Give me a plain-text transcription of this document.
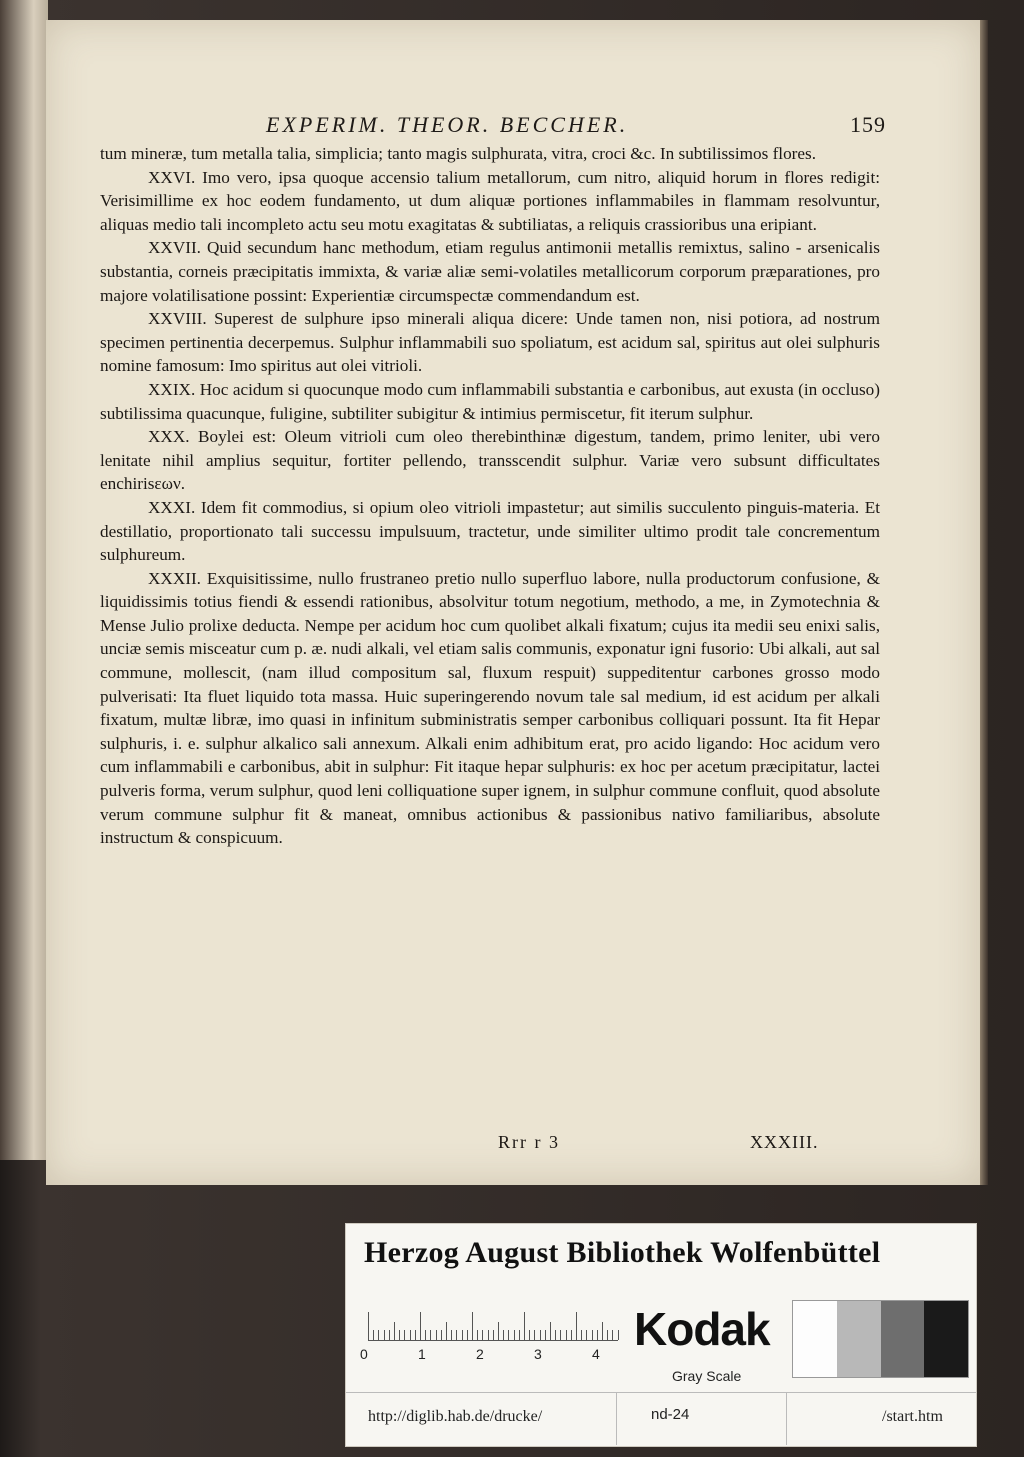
EXPERIM. THEOR. BECCHER.	159

tum mineræ, tum metalla talia, simplicia; tanto magis sulphurata, vitra, croci &c. In subtilissimos flores.

XXVI. Imo vero, ipsa quoque accensio talium metallorum, cum nitro, aliquid horum in flores redigit: Verisimillime ex hoc eodem fundamento, ut dum aliquæ portiones inflammabiles in flammam resolvuntur, aliquas medio tali incompleto actu seu motu exagitatas & subtiliatas, a reliquis crassioribus una eripiant.

XXVII. Quid secundum hanc methodum, etiam regulus antimonii metallis remixtus, salino - arsenicalis substantia, corneis præcipitatis immixta, & variæ aliæ semi-volatiles metallicorum corporum præparationes, pro majore volatilisatione possint: Experientiæ circumspectæ commendandum est.

XXVIII. Superest de sulphure ipso minerali aliqua dicere: Unde tamen non, nisi potiora, ad nostrum specimen pertinentia decerpemus. Sulphur inflammabili suo spoliatum, est acidum sal, spiritus aut olei sulphuris nomine famosum: Imo spiritus aut olei vitrioli.

XXIX. Hoc acidum si quocunque modo cum inflammabili substantia e carbonibus, aut exusta (in occluso) subtilissima quacunque, fuligine, subtiliter subigitur & intimius permiscetur, fit iterum sulphur.

XXX. Boylei est: Oleum vitrioli cum oleo therebinthinæ digestum, tandem, primo leniter, ubi vero lenitate nihil amplius sequitur, fortiter pellendo, transscendit sulphur. Variæ vero subsunt difficultates enchirisεων.

XXXI. Idem fit commodius, si opium oleo vitrioli impastetur; aut similis succulento pinguis-materia. Et destillatio, proportionato tali successu impulsuum, tractetur, unde similiter ultimo prodit tale concrementum sulphureum.

XXXII. Exquisitissime, nullo frustraneo pretio nullo superfluo labore, nulla productorum confusione, & liquidissimis totius fiendi & essendi rationibus, absolvitur totum negotium, methodo, a me, in Zymotechnia & Mense Julio prolixe deducta. Nempe per acidum hoc cum quolibet alkali fixatum; cujus ita medii seu enixi salis, unciæ semis misceatur cum p. æ. nudi alkali, vel etiam salis communis, exponatur igni fusorio: Ubi alkali, aut sal commune, mollescit, (nam illud compositum sal, fluxum respuit) suppeditentur carbones grosso modo pulverisati: Ita fluet liquido tota massa. Huic superingerendo novum tale sal medium, id est acidum per alkali fixatum, multæ libræ, imo quasi in infinitum subministratis semper carbonibus colliquari possunt. Ita fit Hepar sulphuris, i. e. sulphur alkalico sali annexum. Alkali enim adhibitum erat, pro acido ligando: Hoc acidum vero cum inflammabili e carbonibus, abit in sulphur: Fit itaque hepar sulphuris: ex hoc per acetum præcipitatur, lactei pulveris forma, verum sulphur, quod leni colliquatione super ignem, in sulphur commune confluit, quod absolute verum commune sulphur fit & maneat, omnibus actionibus & passionibus nativo familiaribus, absolute instructum & conspicuum.

Rrr r 3	XXXIII.
Herzog August Bibliothek Wolfenbüttel
0	1	2	3	4 Kodak
Gray Scale
http://diglib.hab.de/drucke/	nd-24	/start.htm
